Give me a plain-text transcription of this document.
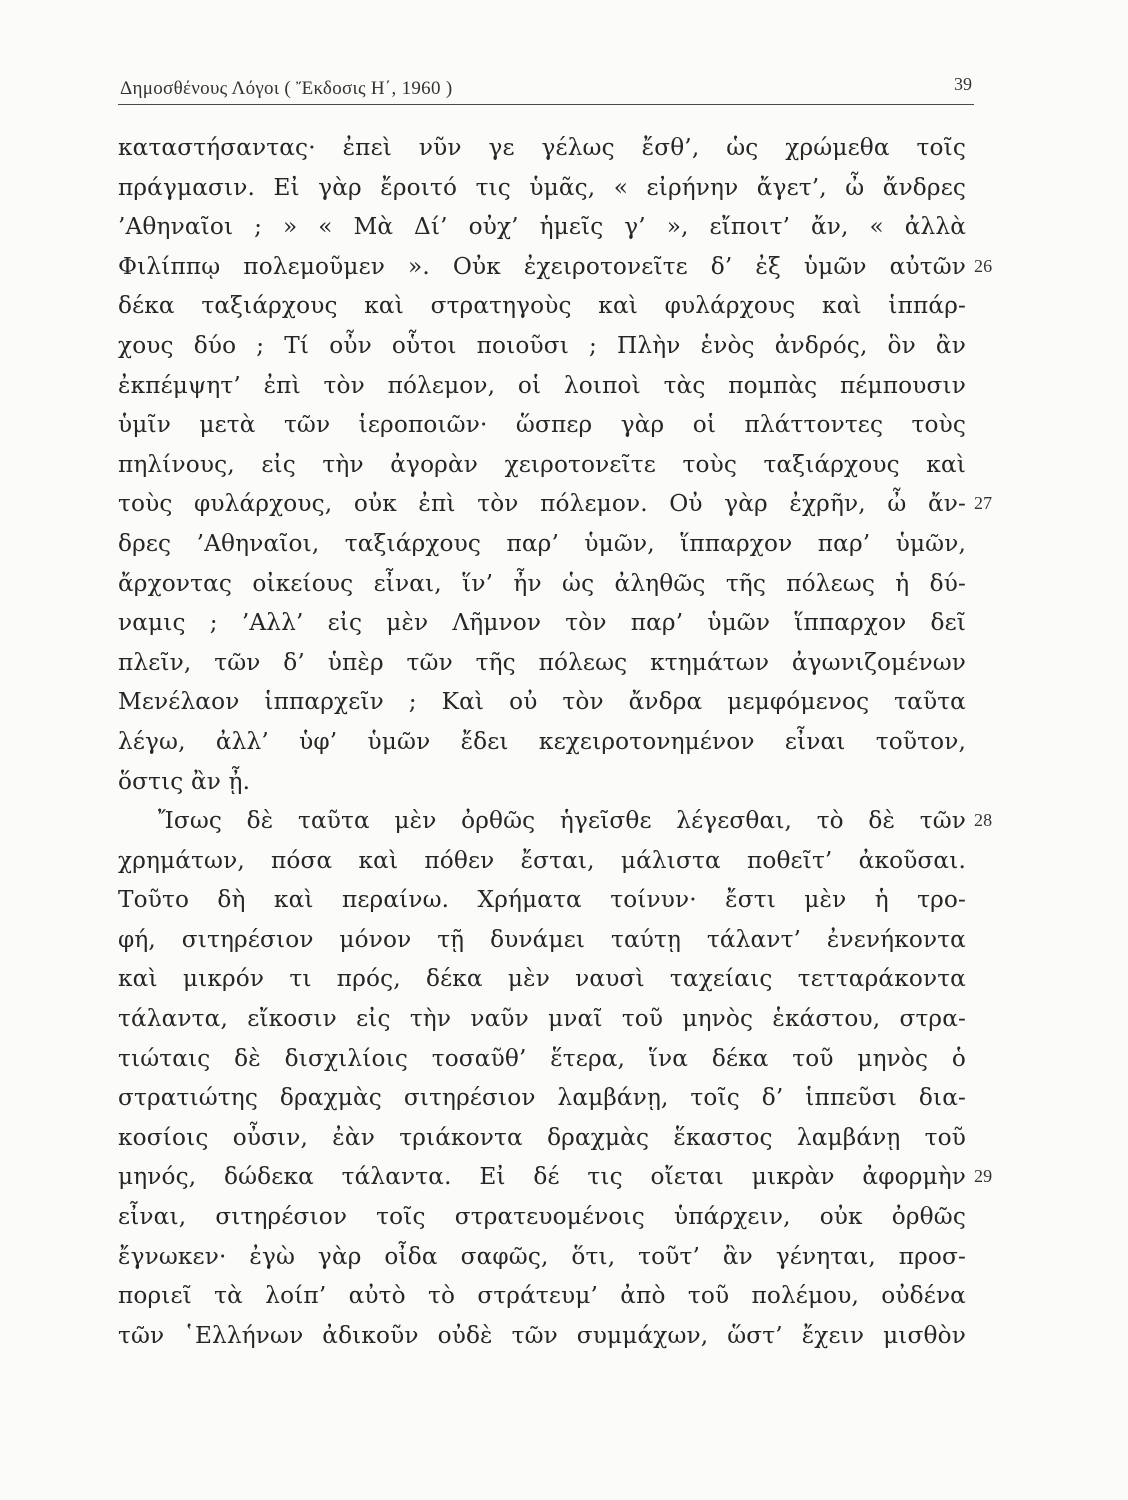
Δημοσθένους Λόγοι ( Ἔκδοσις Η΄, 1960 )	39
καταστήσαντας· ἐπεὶ νῦν γε γέλως ἔσθ’, ὡς χρώμεθα τοῖς
πράγμασιν. Εἰ γὰρ ἔροιτό τις ὑμᾶς, « εἰρήνην ἄγετ’, ὦ ἄνδρες
’Αθηναῖοι ; » « Μὰ Δί’ οὐχ’ ἡμεῖς γ’ », εἴποιτ’ ἄν, « ἀλλὰ
Φιλίππῳ πολεμοῦμεν ». Οὐκ ἐχειροτονεῖτε δ’ ἐξ ὑμῶν αὐτῶν 26
δέκα ταξιάρχους καὶ στρατηγοὺς καὶ φυλάρχους καὶ ἱππάρ-
χους δύο ; Τί οὖν οὗτοι ποιοῦσι ; Πλὴν ἑνὸς ἀνδρός, ὃν ἂν
ἐκπέμψητ’ ἐπὶ τὸν πόλεμον, οἱ λοιποὶ τὰς πομπὰς πέμπουσιν
ὑμῖν μετὰ τῶν ἱεροποιῶν· ὥσπερ γὰρ οἱ πλάττοντες τοὺς
πηλίνους, εἰς τὴν ἀγορὰν χειροτονεῖτε τοὺς ταξιάρχους καὶ
τοὺς φυλάρχους, οὐκ ἐπὶ τὸν πόλεμον. Οὐ γὰρ ἐχρῆν, ὦ ἄν- 27
δρες ’Αθηναῖοι, ταξιάρχους παρ’ ὑμῶν, ἵππαρχον παρ’ ὑμῶν,
ἄρχοντας οἰκείους εἶναι, ἵν’ ἦν ὡς ἀληθῶς τῆς πόλεως ἡ δύ-
ναμις ; ’Αλλ’ εἰς μὲν Λῆμνον τὸν παρ’ ὑμῶν ἵππαρχον δεῖ
πλεῖν, τῶν δ’ ὑπὲρ τῶν τῆς πόλεως κτημάτων ἀγωνιζομένων
Μενέλαον ἱππαρχεῖν ; Καὶ οὐ τὸν ἄνδρα μεμφόμενος ταῦτα
λέγω, ἀλλ’ ὑφ’ ὑμῶν ἔδει κεχειροτονημένον εἶναι τοῦτον,
ὅστις ἂν ᾖ.
Ἴσως δὲ ταῦτα μὲν ὀρθῶς ἡγεῖσθε λέγεσθαι, τὸ δὲ τῶν 28
χρημάτων, πόσα καὶ πόθεν ἔσται, μάλιστα ποθεῖτ’ ἀκοῦσαι.
Τοῦτο δὴ καὶ περαίνω. Χρήματα τοίνυν· ἔστι μὲν ἡ τρο-
φή, σιτηρέσιον μόνον τῇ δυνάμει ταύτῃ τάλαντ’ ἐνενήκοντα
καὶ μικρόν τι πρός, δέκα μὲν ναυσὶ ταχείαις τετταράκοντα
τάλαντα, εἴκοσιν εἰς τὴν ναῦν μναῖ τοῦ μηνὸς ἑκάστου, στρα-
τιώταις δὲ δισχιλίοις τοσαῦθ’ ἕτερα, ἵνα δέκα τοῦ μηνὸς ὁ
στρατιώτης δραχμὰς σιτηρέσιον λαμβάνῃ, τοῖς δ’ ἱππεῦσι δια-
κοσίοις οὖσιν, ἐὰν τριάκοντα δραχμὰς ἕκαστος λαμβάνῃ τοῦ
μηνός, δώδεκα τάλαντα. Εἰ δέ τις οἴεται μικρὰν ἀφορμὴν 29
εἶναι, σιτηρέσιον τοῖς στρατευομένοις ὑπάρχειν, οὐκ ὀρθῶς
ἔγνωκεν· ἐγὼ γὰρ οἶδα σαφῶς, ὅτι, τοῦτ’ ἂν γένηται, προσ-
ποριεῖ τὰ λοίπ’ αὐτὸ τὸ στράτευμ’ ἀπὸ τοῦ πολέμου, οὐδένα
τῶν ῾Ελλήνων ἀδικοῦν οὐδὲ τῶν συμμάχων, ὥστ’ ἔχειν μισθὸν
